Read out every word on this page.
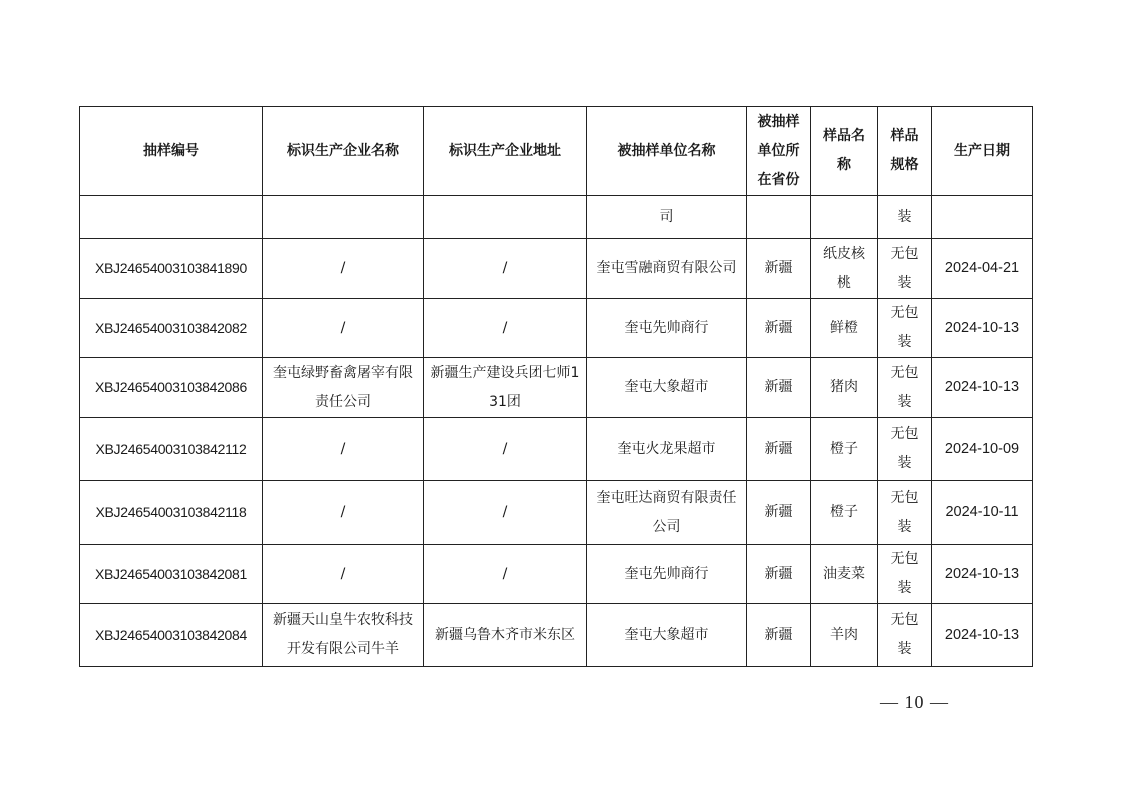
抽样编号	标识生产企业名称	标识生产企业地址	被抽样单位名称	被抽样单位所在省份	样品名称	样品规格	生产日期
			司			装	
XBJ24654003103841890	/	/	奎屯雪融商贸有限公司	新疆	纸皮核桃	无包装	2024-04-21
XBJ24654003103842082	/	/	奎屯先帅商行	新疆	鲜橙	无包装	2024-10-13
XBJ24654003103842086	奎屯绿野畜禽屠宰有限责任公司	新疆生产建设兵团七师131团	奎屯大象超市	新疆	猪肉	无包装	2024-10-13
XBJ24654003103842112	/	/	奎屯火龙果超市	新疆	橙子	无包装	2024-10-09
XBJ24654003103842118	/	/	奎屯旺达商贸有限责任公司	新疆	橙子	无包装	2024-10-11
XBJ24654003103842081	/	/	奎屯先帅商行	新疆	油麦菜	无包装	2024-10-13
XBJ24654003103842084	新疆天山皇牛农牧科技开发有限公司牛羊	新疆乌鲁木齐市米东区	奎屯大象超市	新疆	羊肉	无包装	2024-10-13
— 10 —
